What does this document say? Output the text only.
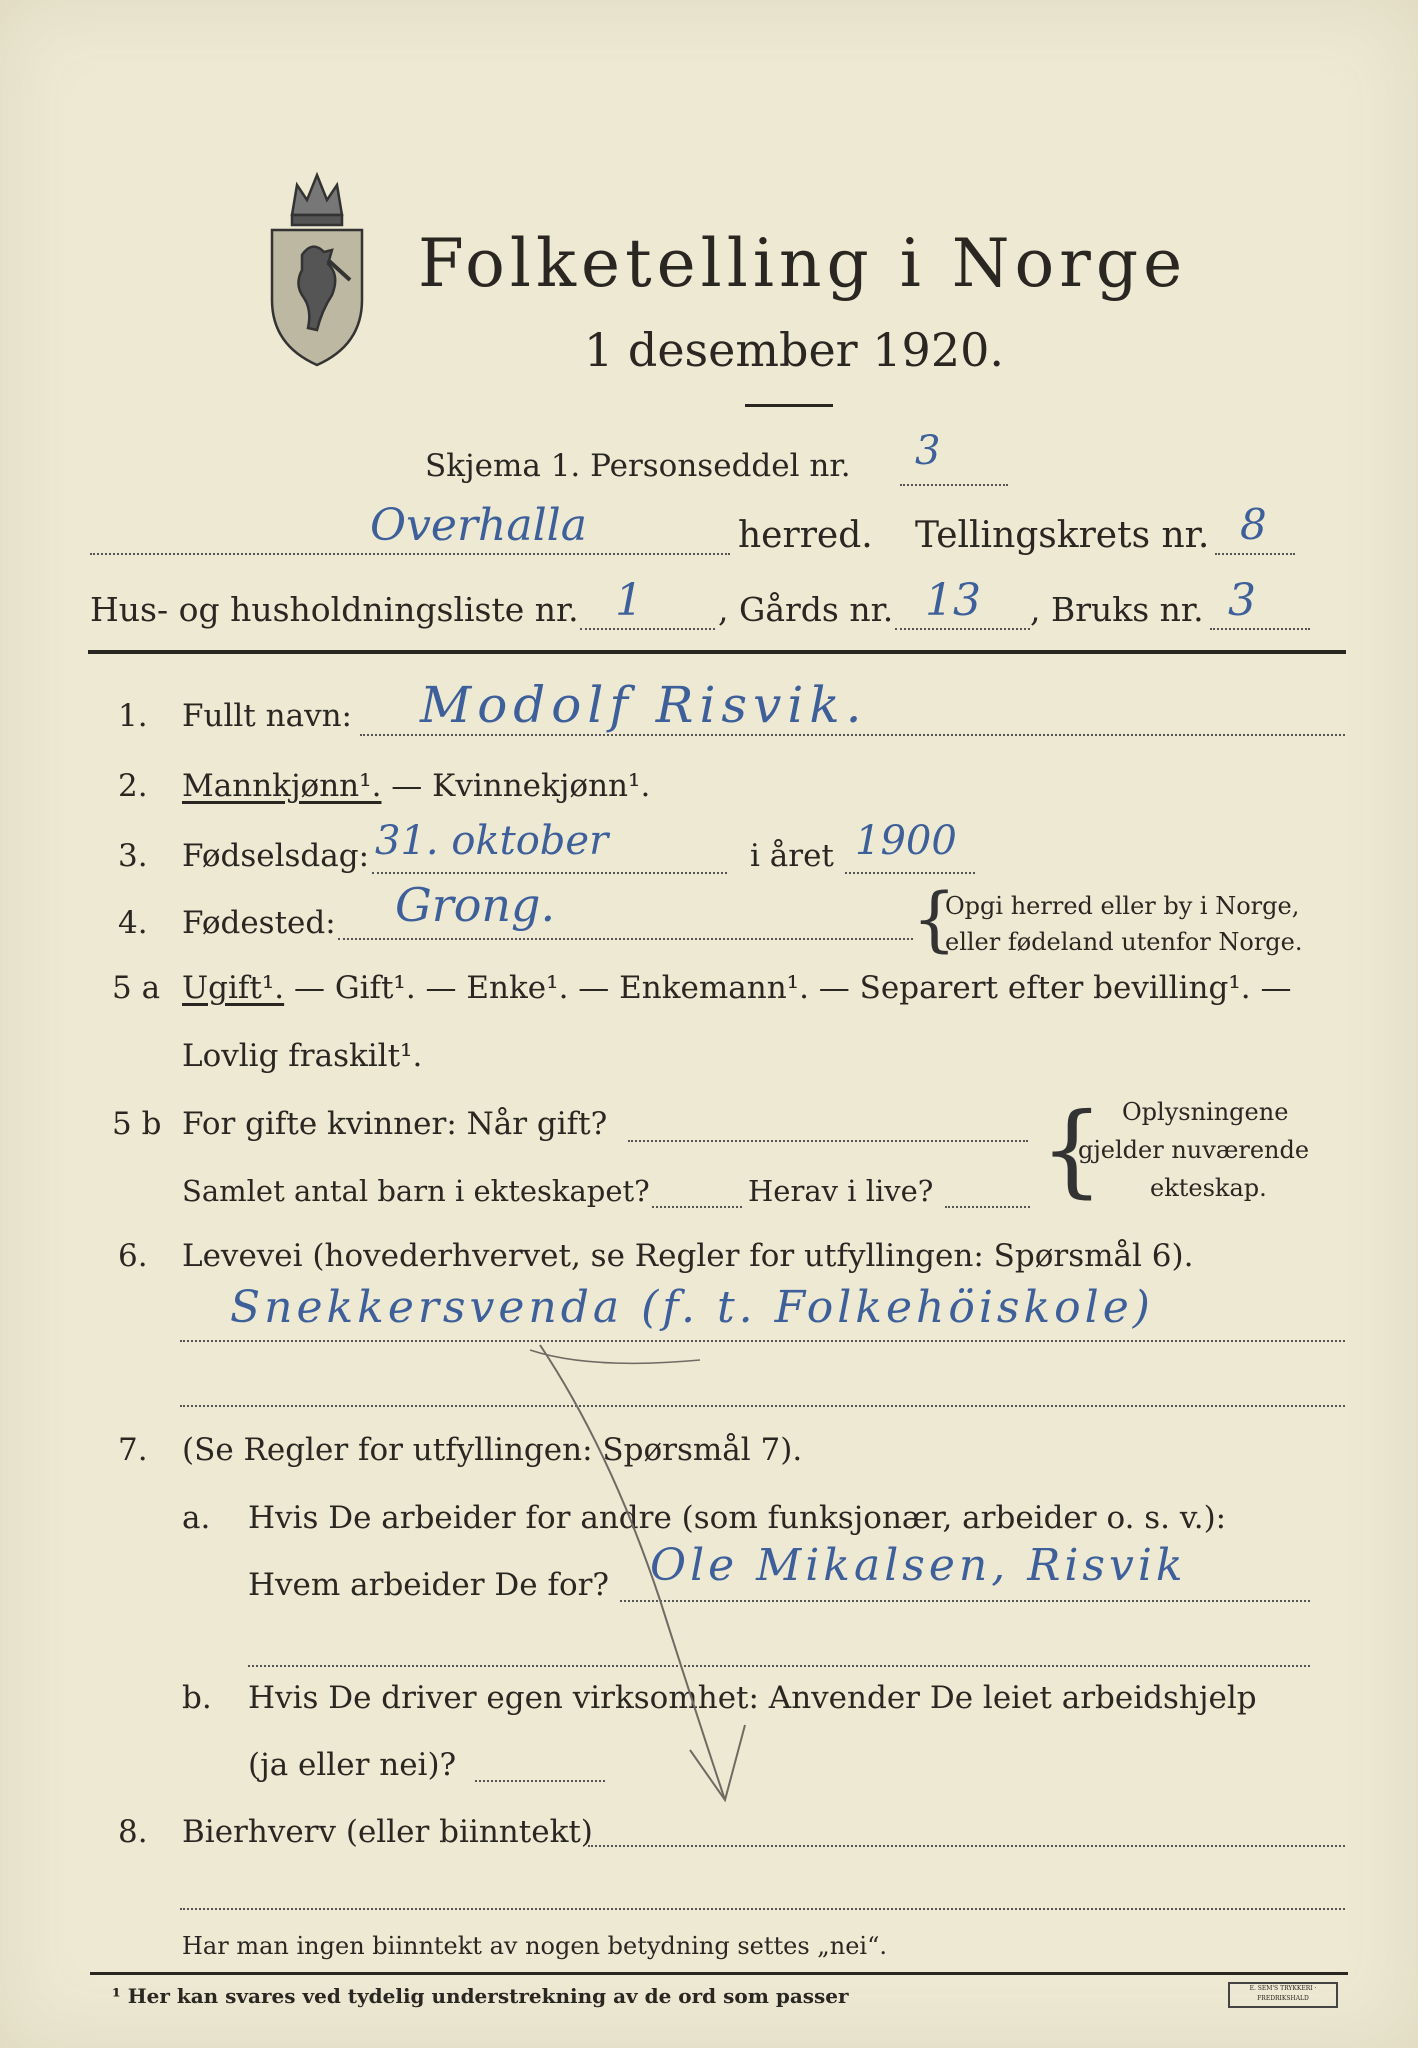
Folketelling i Norge
1 desember 1920.
Skjema 1. Personseddel nr. 3
Overhalla	herred. Tellingskrets nr. 8
Hus- og husholdningsliste nr. 1 , Gårds nr. 13 , Bruks nr. 3
1. Fullt navn: Modolf Risvik.
2. Mannkjønn¹. — Kvinnekjønn¹.
3. Fødselsdag: 31. oktober	i året 1900
4. Fødested: Grong.	{
Opgi herred eller by i Norge,
eller fødeland utenfor Norge.
5 a Ugift¹. — Gift¹. — Enke¹. — Enkemann¹. — Separert efter bevilling¹. —
Lovlig fraskilt¹.
5 b For gifte kvinner: Når gift?
Samlet antal barn i ekteskapet?	Herav i live? { Oplysningene
gjelder nuværende
ekteskap.
6. Levevei (hovederhvervet, se Regler for utfyllingen: Spørsmål 6).
Snekkersvenda (f. t. Folkehöiskole)
7. (Se Regler for utfyllingen: Spørsmål 7).
a. Hvis De arbeider for andre (som funksjonær, arbeider o. s. v.):
Hvem arbeider De for? Ole Mikalsen, Risvik
b. Hvis De driver egen virksomhet: Anvender De leiet arbeidshjelp
(ja eller nei)?
8. Bierhverv (eller biinntekt)
Har man ingen biinntekt av nogen betydning settes „nei“.
¹ Her kan svares ved tydelig understrekning av de ord som passer	E. SEM'S TRYKKERI · FREDRIKSHALD
